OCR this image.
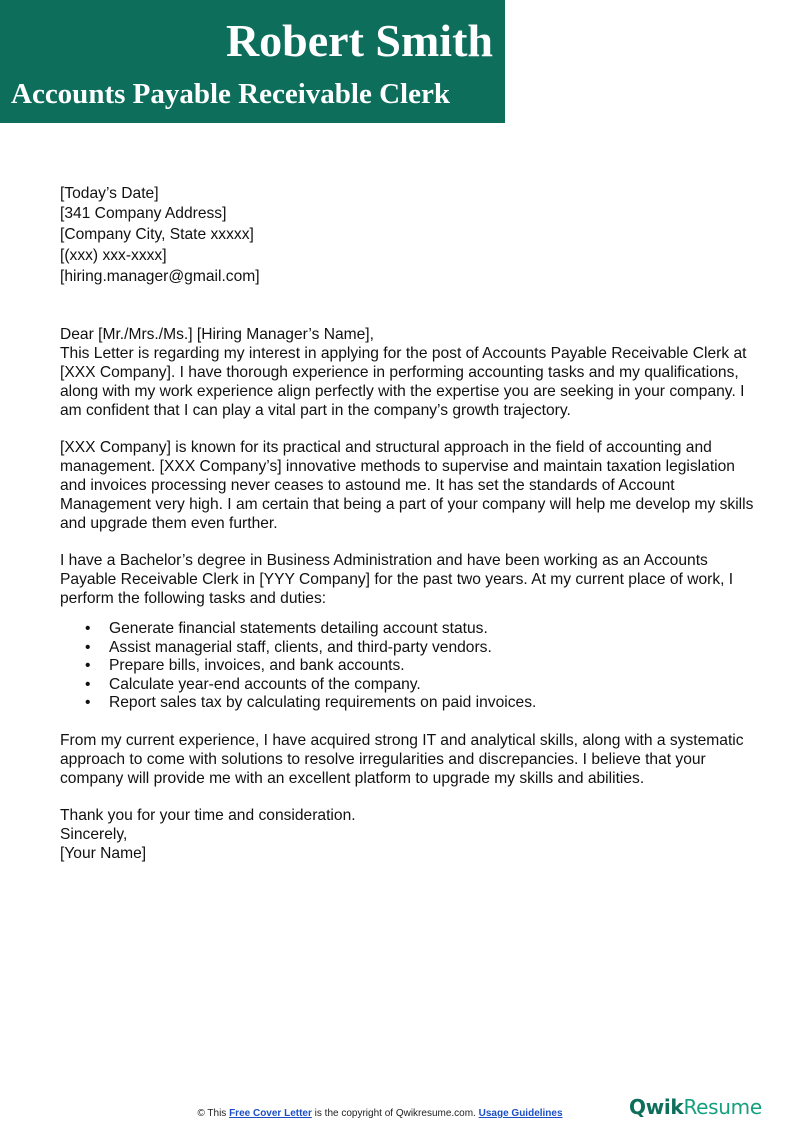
Robert Smith
Accounts Payable Receivable Clerk

[Today’s Date]

[341 Company Address]
[Company City, State xxxxx]
[(xxx) xxx-xxxx]
[hiring.manager@gmail.com]

Dear [Mr./Mrs./Ms.] [Hiring Manager’s Name],

This Letter is regarding my interest in applying for the post of Accounts Payable Receivable Clerk at [XXX Company]. I have thorough experience in performing accounting tasks and my qualifications, along with my work experience align perfectly with the expertise you are seeking in your company. I am confident that I can play a vital part in the company’s growth trajectory.

[XXX Company] is known for its practical and structural approach in the field of accounting and management. [XXX Company’s] innovative methods to supervise and maintain taxation legislation and invoices processing never ceases to astound me. It has set the standards of Account Management very high. I am certain that being a part of your company will help me develop my skills and upgrade them even further.

I have a Bachelor’s degree in Business Administration and have been working as an Accounts Payable Receivable Clerk in [YYY Company] for the past two years. At my current place of work, I perform the following tasks and duties:

• Generate financial statements detailing account status.
• Assist managerial staff, clients, and third-party vendors.
• Prepare bills, invoices, and bank accounts.
• Calculate year-end accounts of the company.
• Report sales tax by calculating requirements on paid invoices.

From my current experience, I have acquired strong IT and analytical skills, along with a systematic approach to come with solutions to resolve irregularities and discrepancies. I believe that your company will provide me with an excellent platform to upgrade my skills and abilities.

Thank you for your time and consideration.

Sincerely,

[Your Name]

© This Free Cover Letter is the copyright of Qwikresume.com. Usage Guidelines	QwikResume
